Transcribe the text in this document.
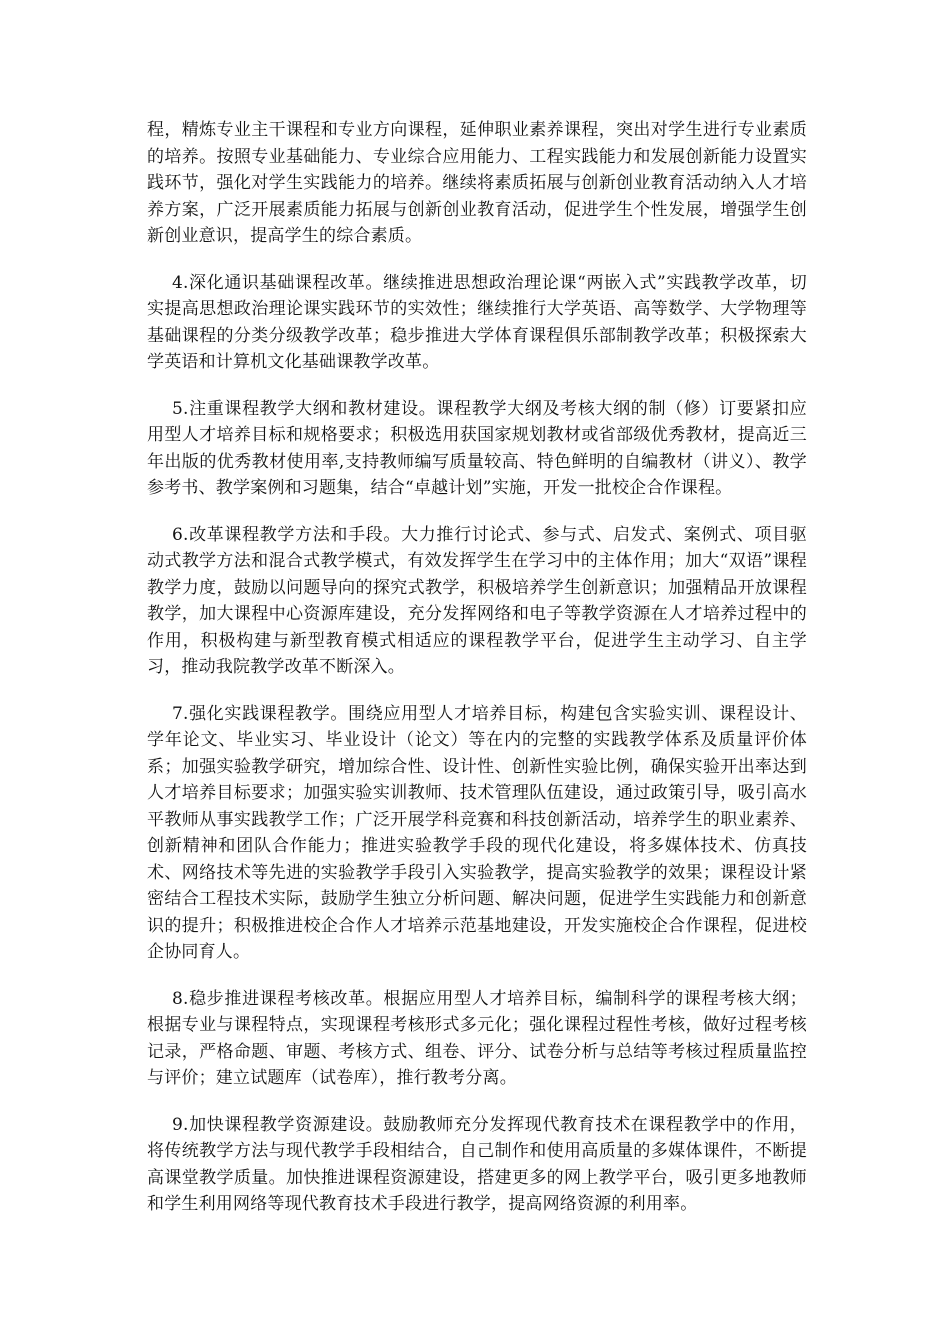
程，精炼专业主干课程和专业方向课程，延伸职业素养课程，突出对学生进行专业素质的培养。按照专业基础能力、专业综合应用能力、工程实践能力和发展创新能力设置实践环节，强化对学生实践能力的培养。继续将素质拓展与创新创业教育活动纳入人才培养方案，广泛开展素质能力拓展与创新创业教育活动，促进学生个性发展，增强学生创新创业意识，提高学生的综合素质。

4.深化通识基础课程改革。继续推进思想政治理论课“两嵌入式”实践教学改革，切实提高思想政治理论课实践环节的实效性；继续推行大学英语、高等数学、大学物理等基础课程的分类分级教学改革；稳步推进大学体育课程俱乐部制教学改革；积极探索大学英语和计算机文化基础课教学改革。

5.注重课程教学大纲和教材建设。课程教学大纲及考核大纲的制（修）订要紧扣应用型人才培养目标和规格要求；积极选用获国家规划教材或省部级优秀教材，提高近三年出版的优秀教材使用率,支持教师编写质量较高、特色鲜明的自编教材（讲义）、教学参考书、教学案例和习题集，结合“卓越计划”实施，开发一批校企合作课程。

6.改革课程教学方法和手段。大力推行讨论式、参与式、启发式、案例式、项目驱动式教学方法和混合式教学模式，有效发挥学生在学习中的主体作用；加大“双语”课程教学力度，鼓励以问题导向的探究式教学，积极培养学生创新意识；加强精品开放课程教学，加大课程中心资源库建设，充分发挥网络和电子等教学资源在人才培养过程中的作用，积极构建与新型教育模式相适应的课程教学平台，促进学生主动学习、自主学习，推动我院教学改革不断深入。

7.强化实践课程教学。围绕应用型人才培养目标，构建包含实验实训、课程设计、学年论文、毕业实习、毕业设计（论文）等在内的完整的实践教学体系及质量评价体系；加强实验教学研究，增加综合性、设计性、创新性实验比例，确保实验开出率达到人才培养目标要求；加强实验实训教师、技术管理队伍建设，通过政策引导，吸引高水平教师从事实践教学工作；广泛开展学科竞赛和科技创新活动，培养学生的职业素养、创新精神和团队合作能力；推进实验教学手段的现代化建设，将多媒体技术、仿真技术、网络技术等先进的实验教学手段引入实验教学，提高实验教学的效果；课程设计紧密结合工程技术实际，鼓励学生独立分析问题、解决问题，促进学生实践能力和创新意识的提升；积极推进校企合作人才培养示范基地建设，开发实施校企合作课程，促进校企协同育人。

8.稳步推进课程考核改革。根据应用型人才培养目标，编制科学的课程考核大纲；根据专业与课程特点，实现课程考核形式多元化；强化课程过程性考核，做好过程考核记录，严格命题、审题、考核方式、组卷、评分、试卷分析与总结等考核过程质量监控与评价；建立试题库（试卷库），推行教考分离。

9.加快课程教学资源建设。鼓励教师充分发挥现代教育技术在课程教学中的作用，将传统教学方法与现代教学手段相结合，自己制作和使用高质量的多媒体课件，不断提高课堂教学质量。加快推进课程资源建设，搭建更多的网上教学平台，吸引更多地教师和学生利用网络等现代教育技术手段进行教学，提高网络资源的利用率。
